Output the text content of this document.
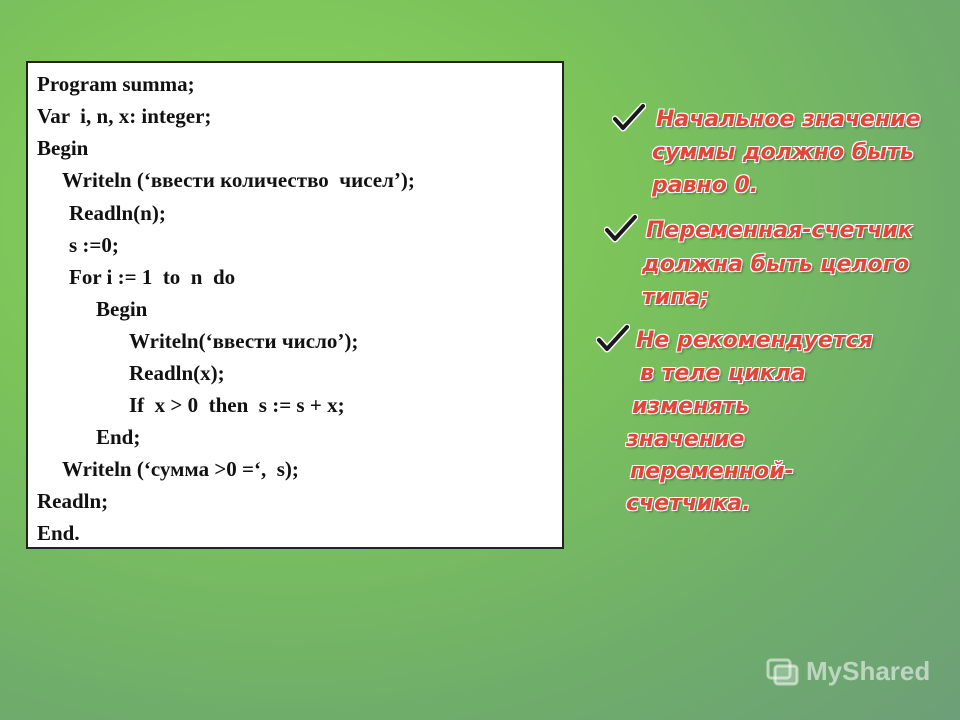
Program summa;
Var  i, n, x: integer;
Begin
Writeln (‘ввести количество  чисел’);
Readln(n);
s :=0;
For i := 1  to  n  do
Begin
Writeln(‘ввести число’);
Readln(x);
If  x > 0  then  s := s + x;
End;
Writeln (‘сумма >0 =‘,  s);
Readln;
End.
Начальное значение
суммы должно быть
равно 0.
Переменная-счетчик
должна быть целого
типа;
Не рекомендуется
в теле цикла
изменять
значение
переменной-
счетчика.
MyShared
